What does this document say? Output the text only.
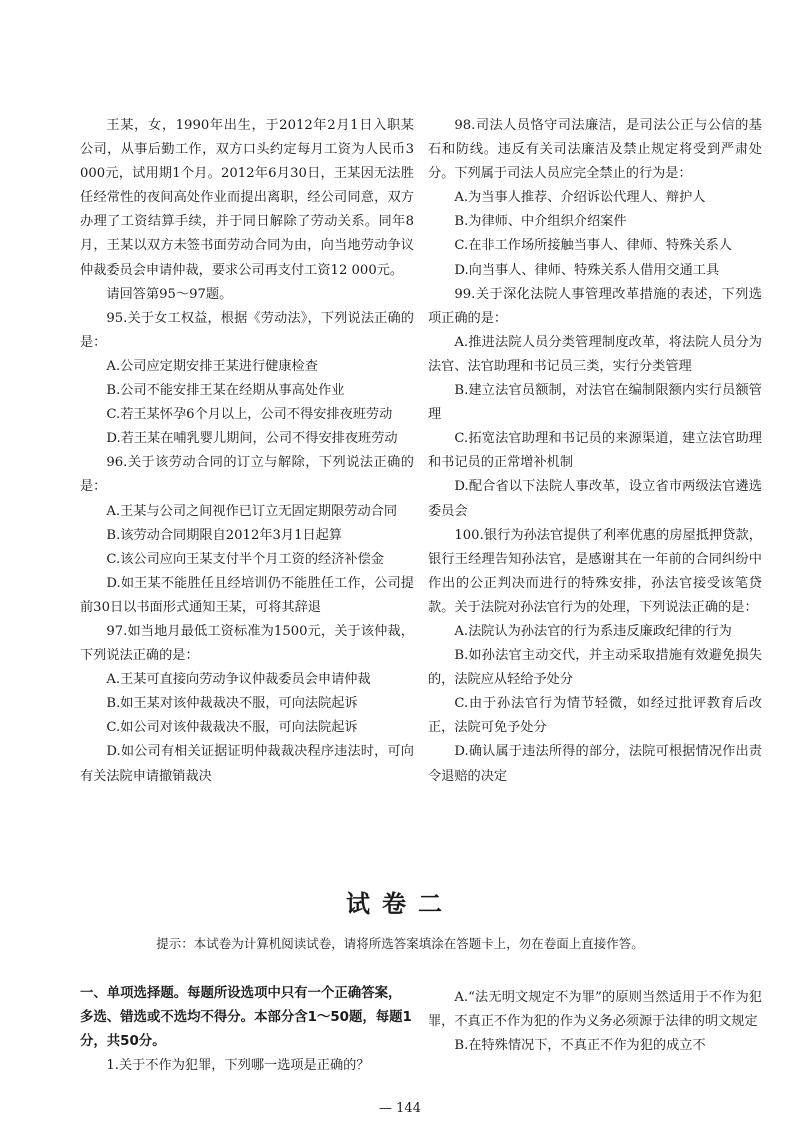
王某，女，1990年出生，于2012年2月1日入职某公司，从事后勤工作，双方口头约定每月工资为人民币3 000元，试用期1个月。2012年6月30日，王某因无法胜任经常性的夜间高处作业而提出离职，经公司同意，双方办理了工资结算手续，并于同日解除了劳动关系。同年8月，王某以双方未签书面劳动合同为由，向当地劳动争议仲裁委员会申请仲裁，要求公司再支付工资12 000元。

请回答第95～97题。

95.关于女工权益，根据《劳动法》，下列说法正确的是：

A.公司应定期安排王某进行健康检查

B.公司不能安排王某在经期从事高处作业

C.若王某怀孕6个月以上，公司不得安排夜班劳动

D.若王某在哺乳婴儿期间，公司不得安排夜班劳动

96.关于该劳动合同的订立与解除，下列说法正确的是：

A.王某与公司之间视作已订立无固定期限劳动合同

B.该劳动合同期限自2012年3月1日起算

C.该公司应向王某支付半个月工资的经济补偿金

D.如王某不能胜任且经培训仍不能胜任工作，公司提前30日以书面形式通知王某，可将其辞退

97.如当地月最低工资标准为1500元，关于该仲裁，下列说法正确的是：

A.王某可直接向劳动争议仲裁委员会申请仲裁

B.如王某对该仲裁裁决不服，可向法院起诉

C.如公司对该仲裁裁决不服，可向法院起诉

D.如公司有相关证据证明仲裁裁决程序违法时，可向有关法院申请撤销裁决

98.司法人员恪守司法廉洁，是司法公正与公信的基石和防线。违反有关司法廉洁及禁止规定将受到严肃处分。下列属于司法人员应完全禁止的行为是：

A.为当事人推荐、介绍诉讼代理人、辩护人

B.为律师、中介组织介绍案件

C.在非工作场所接触当事人、律师、特殊关系人

D.向当事人、律师、特殊关系人借用交通工具

99.关于深化法院人事管理改革措施的表述，下列选项正确的是：

A.推进法院人员分类管理制度改革，将法院人员分为法官、法官助理和书记员三类，实行分类管理

B.建立法官员额制，对法官在编制限额内实行员额管理

C.拓宽法官助理和书记员的来源渠道，建立法官助理和书记员的正常增补机制

D.配合省以下法院人事改革，设立省市两级法官遴选委员会

100.银行为孙法官提供了利率优惠的房屋抵押贷款，银行王经理告知孙法官，是感谢其在一年前的合同纠纷中作出的公正判决而进行的特殊安排，孙法官接受该笔贷款。关于法院对孙法官行为的处理，下列说法正确的是：

A.法院认为孙法官的行为系违反廉政纪律的行为

B.如孙法官主动交代，并主动采取措施有效避免损失的，法院应从轻给予处分

C.由于孙法官行为情节轻微，如经过批评教育后改正，法院可免予处分

D.确认属于违法所得的部分，法院可根据情况作出责令退赔的决定

试卷二

提示：本试卷为计算机阅读试卷，请将所选答案填涂在答题卡上，勿在卷面上直接作答。

一、单项选择题。每题所设选项中只有一个正确答案，多选、错选或不选均不得分。本部分含1～50题，每题1分，共50分。

1.关于不作为犯罪，下列哪一选项是正确的？

A.“法无明文规定不为罪”的原则当然适用于不作为犯罪，不真正不作为犯的作为义务必须源于法律的明文规定

B.在特殊情况下，不真正不作为犯的成立不

— 144
